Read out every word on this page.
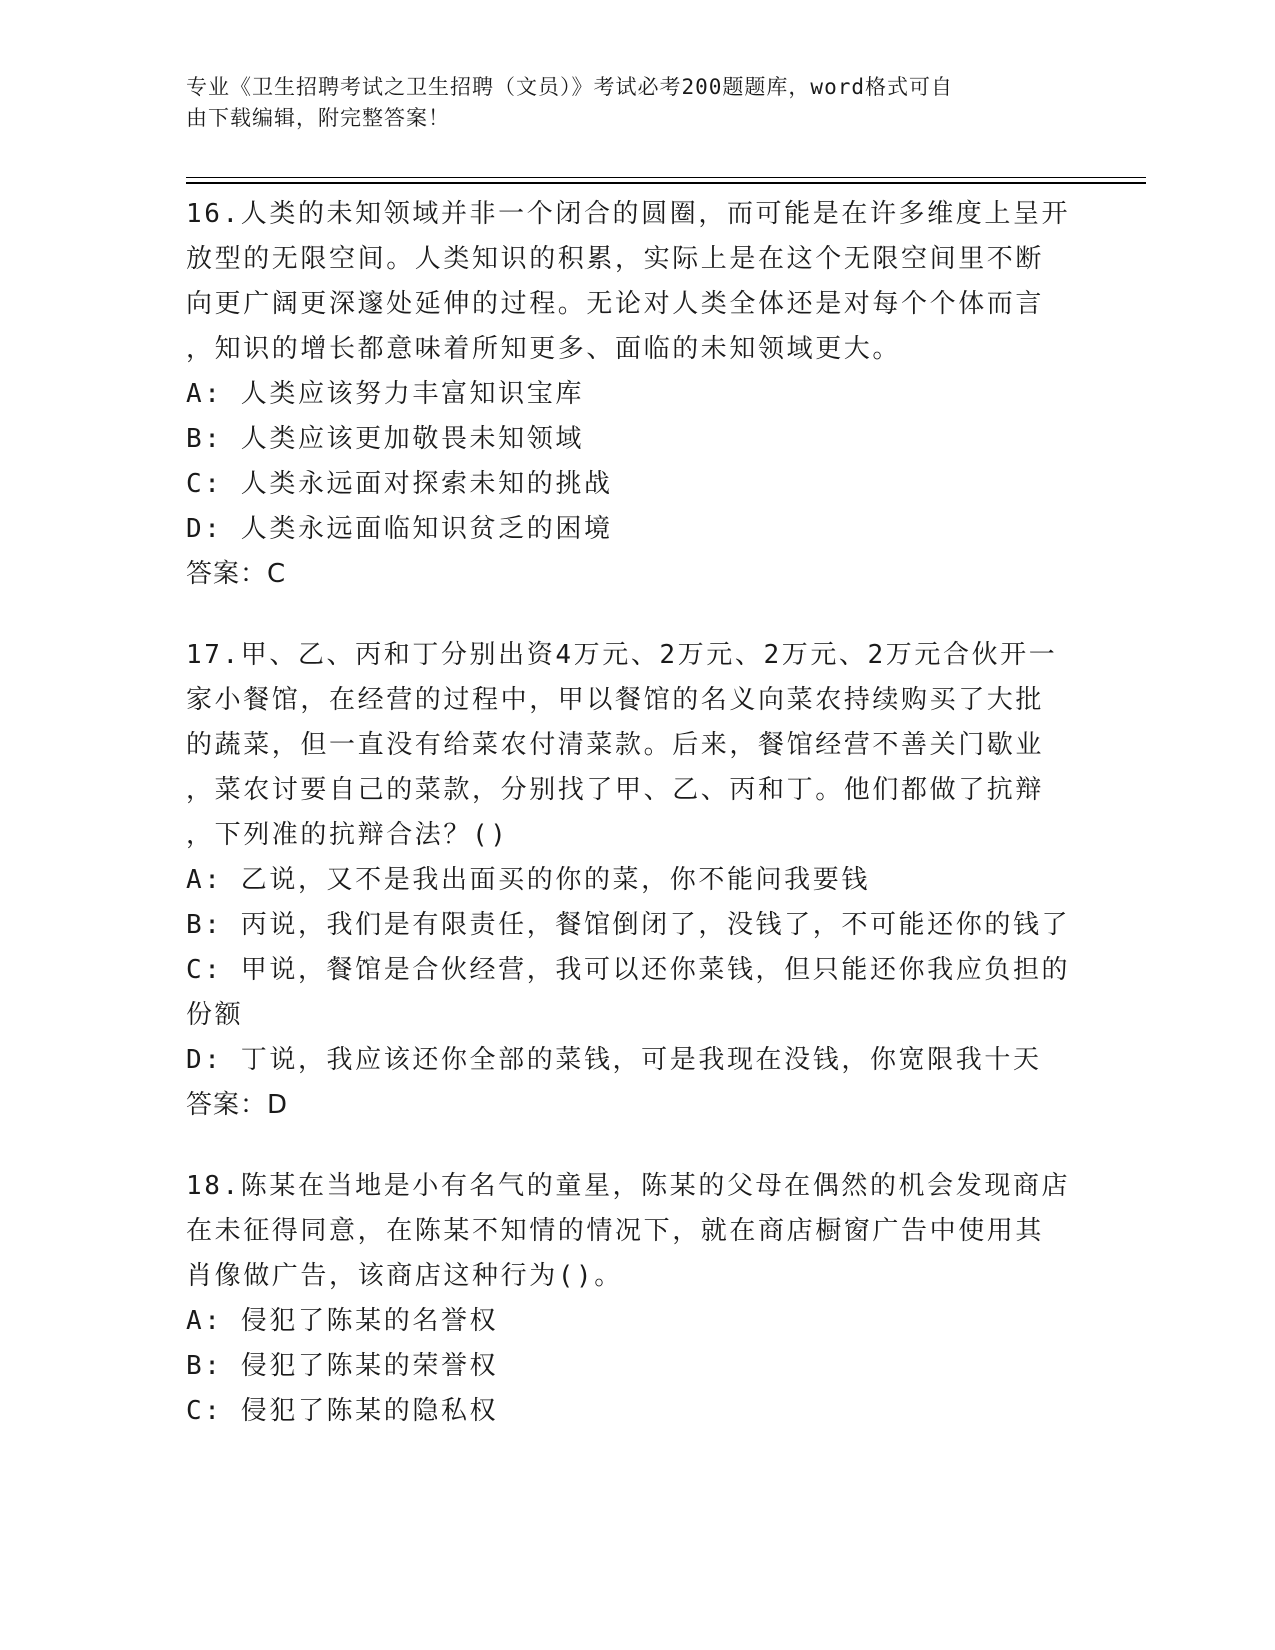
专业《卫生招聘考试之卫生招聘（文员）》考试必考200题题库，word格式可自
由下载编辑，附完整答案！

16.人类的未知领域并非一个闭合的圆圈，而可能是在许多维度上呈开

放型的无限空间。人类知识的积累，实际上是在这个无限空间里不断

向更广阔更深邃处延伸的过程。无论对人类全体还是对每个个体而言

，知识的增长都意味着所知更多、面临的未知领域更大。

A: 人类应该努力丰富知识宝库

B: 人类应该更加敬畏未知领域

C: 人类永远面对探索未知的挑战

D: 人类永远面临知识贫乏的困境

答案：C

17.甲、乙、丙和丁分别出资4万元、2万元、2万元、2万元合伙开一

家小餐馆，在经营的过程中，甲以餐馆的名义向菜农持续购买了大批

的蔬菜，但一直没有给菜农付清菜款。后来，餐馆经营不善关门歇业

，菜农讨要自己的菜款，分别找了甲、乙、丙和丁。他们都做了抗辩

，下列准的抗辩合法？()

A: 乙说，又不是我出面买的你的菜，你不能问我要钱

B: 丙说，我们是有限责任，餐馆倒闭了，没钱了，不可能还你的钱了

C: 甲说，餐馆是合伙经营，我可以还你菜钱，但只能还你我应负担的

份额

D: 丁说，我应该还你全部的菜钱，可是我现在没钱，你宽限我十天

答案：D

18.陈某在当地是小有名气的童星，陈某的父母在偶然的机会发现商店

在未征得同意，在陈某不知情的情况下，就在商店橱窗广告中使用其

肖像做广告，该商店这种行为()。

A: 侵犯了陈某的名誉权

B: 侵犯了陈某的荣誉权

C: 侵犯了陈某的隐私权
